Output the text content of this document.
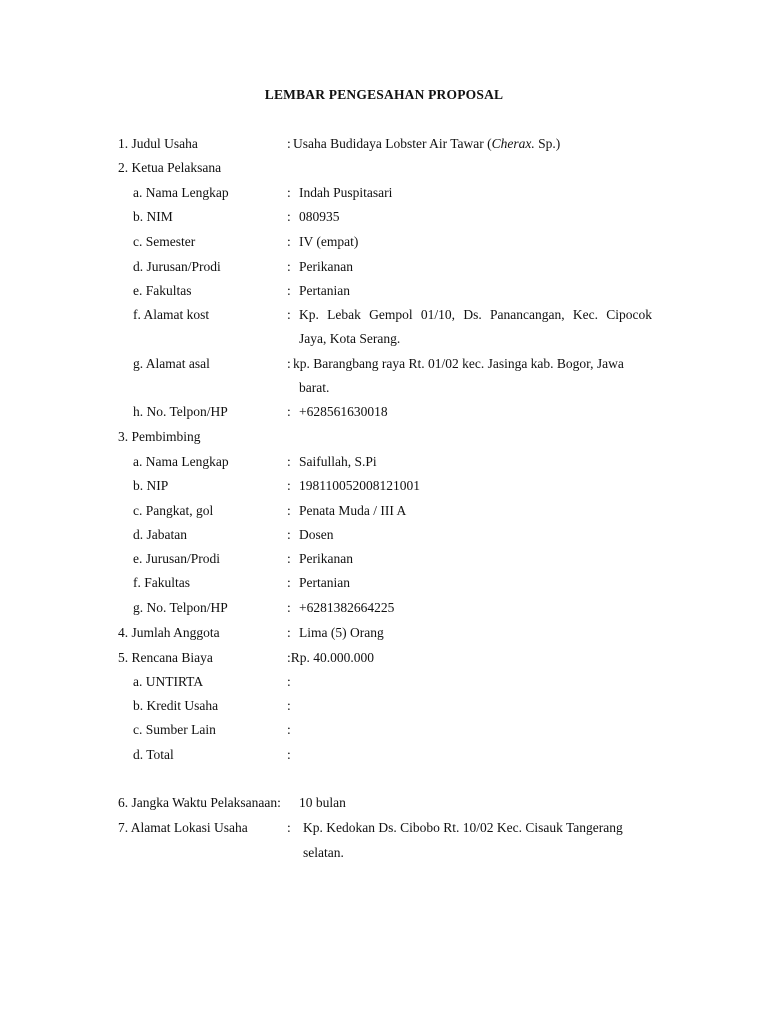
LEMBAR PENGESAHAN PROPOSAL
1. Judul Usaha	: Usaha Budidaya Lobster Air Tawar (Cherax. Sp.)
2. Ketua Pelaksana
a. Nama Lengkap	: Indah Puspitasari
b. NIM	: 080935
c. Semester	: IV (empat)
d. Jurusan/Prodi	: Perikanan
e. Fakultas	: Pertanian
f. Alamat kost	: Kp. Lebak Gempol 01/10, Ds. Panancangan, Kec. Cipocok
Jaya, Kota Serang.
g. Alamat asal	: kp. Barangbang raya Rt. 01/02 kec. Jasinga kab. Bogor, Jawa
barat.
h. No. Telpon/HP	: +628561630018
3. Pembimbing
a. Nama Lengkap	: Saifullah, S.Pi
b. NIP	: 198110052008121001
c. Pangkat, gol	: Penata Muda / III A
d. Jabatan	: Dosen
e. Jurusan/Prodi	: Perikanan
f. Fakultas	: Pertanian
g. No. Telpon/HP	: +6281382664225
4. Jumlah Anggota	: Lima (5) Orang
5. Rencana Biaya	:Rp. 40.000.000
a. UNTIRTA	:
b. Kredit Usaha	:
c. Sumber Lain	:
d. Total	:
6. Jangka Waktu Pelaksanaan: 10 bulan
7. Alamat Lokasi Usaha	: Kp. Kedokan Ds. Cibobo Rt. 10/02 Kec. Cisauk Tangerang
selatan.
